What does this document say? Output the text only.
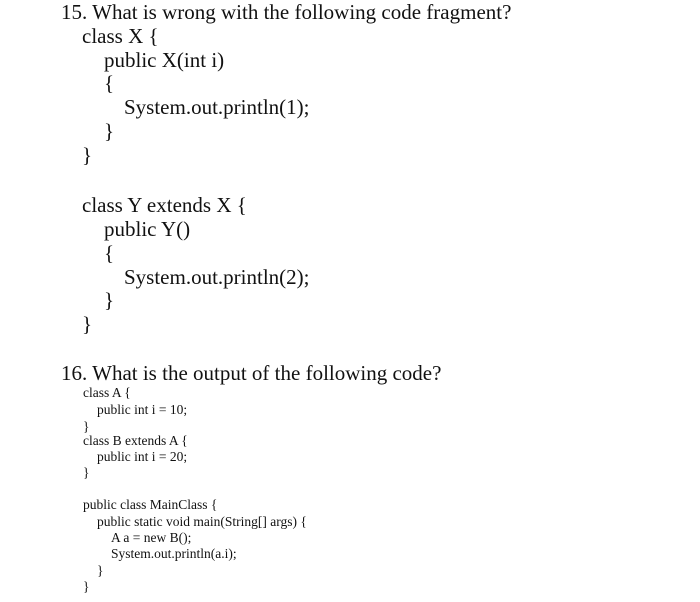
15. What is wrong with the following code fragment?
class X {
public X(int i)
{
System.out.println(1);
}
}
class Y extends X {
public Y()
{
System.out.println(2);
}
}
16. What is the output of the following code?
class A {
public int i = 10;
}
class B extends A {
public int i = 20;
}
public class MainClass {
public static void main(String[] args) {
A a = new B();
System.out.println(a.i);
}
}
